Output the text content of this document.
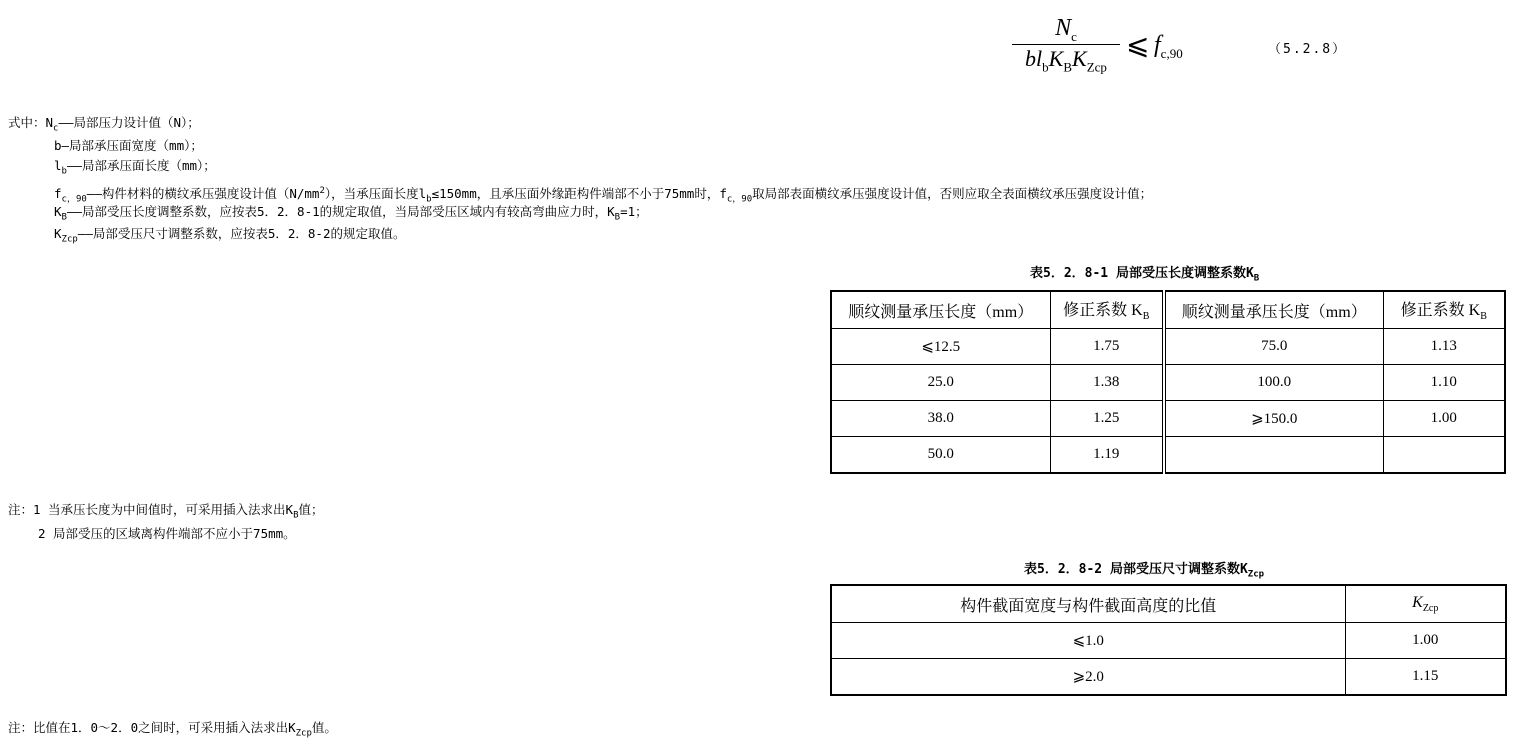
$N_c$
$bl_bK_BK_{Zcp}$
⩽ $f_{c,90}$	（5.2.8）
式中：$N_c——$局部压力设计值（N）；
b—局部承压面宽度（mm）；
$l_b——$局部承压面长度（mm）；
$f_{c,90}——$构件材料的横纹承压强度设计值$(N/mm^2)$，当承压面长度$l_b\le 150mm$，且承压面外缘距构件端部不小于75mm时，$f_{c,90}$取局部表面横纹承压强度设计值，否则应取全表面横纹承压强度设计值；
$K_B——$局部受压长度调整系数，应按表5．2．8-1的规定取值，当局部受压区域内有较高弯曲应力时，$K_B=1$；
$K_{Zcp}——$局部受压尺寸调整系数，应按表5．2．8-2的规定取值。
表5．2．8-1 局部受压长度调整系数$K_B$
顺纹测量承压长度（mm）	修正系数 $K_B$	顺纹测量承压长度（mm）	修正系数 $K_B$
⩽12.5	1.75	75.0	1.13
25.0	1.38	100.0	1.10
38.0	1.25	⩾150.0	1.00
50.0	1.19		
注：1 当承压长度为中间值时，可采用插入法求出$K_B$值；
2 局部受压的区域离构件端部不应小于75mm。
表5．2．8-2 局部受压尺寸调整系数$K_{Zcp}$
构件截面宽度与构件截面高度的比值	$K_{Zcp}$
⩽1.0	1.00
⩾2.0	1.15
注：比值在1．0～2．0之间时，可采用插入法求出$K_{Zcp}$值。
